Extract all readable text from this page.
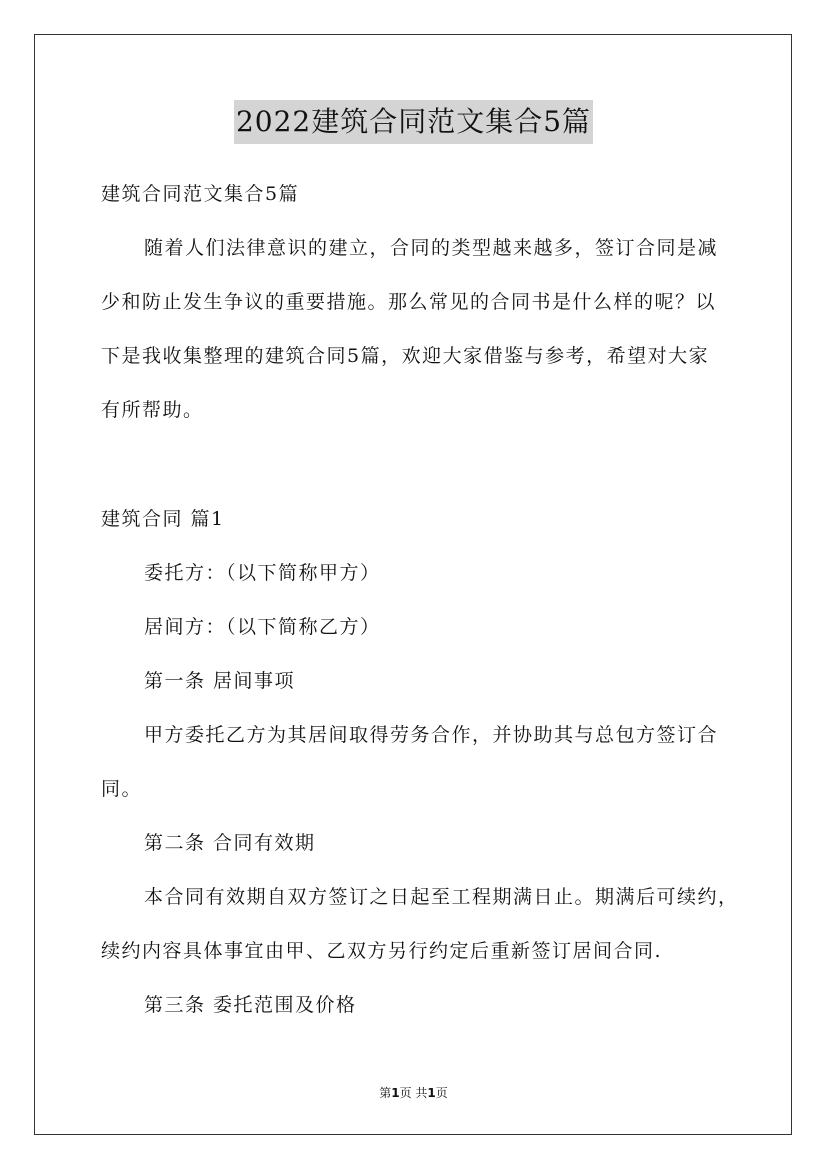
2022建筑合同范文集合5篇
建筑合同范文集合5篇
随着人们法律意识的建立，合同的类型越来越多，签订合同是减
少和防止发生争议的重要措施。那么常见的合同书是什么样的呢？以
下是我收集整理的建筑合同5篇，欢迎大家借鉴与参考，希望对大家
有所帮助。
建筑合同 篇1
委托方：（以下简称甲方）
居间方：（以下简称乙方）
第一条 居间事项
甲方委托乙方为其居间取得劳务合作，并协助其与总包方签订合
同。
第二条 合同有效期
本合同有效期自双方签订之日起至工程期满日止。期满后可续约，
续约内容具体事宜由甲、乙双方另行约定后重新签订居间合同.
第三条 委托范围及价格
第1页 共1页
